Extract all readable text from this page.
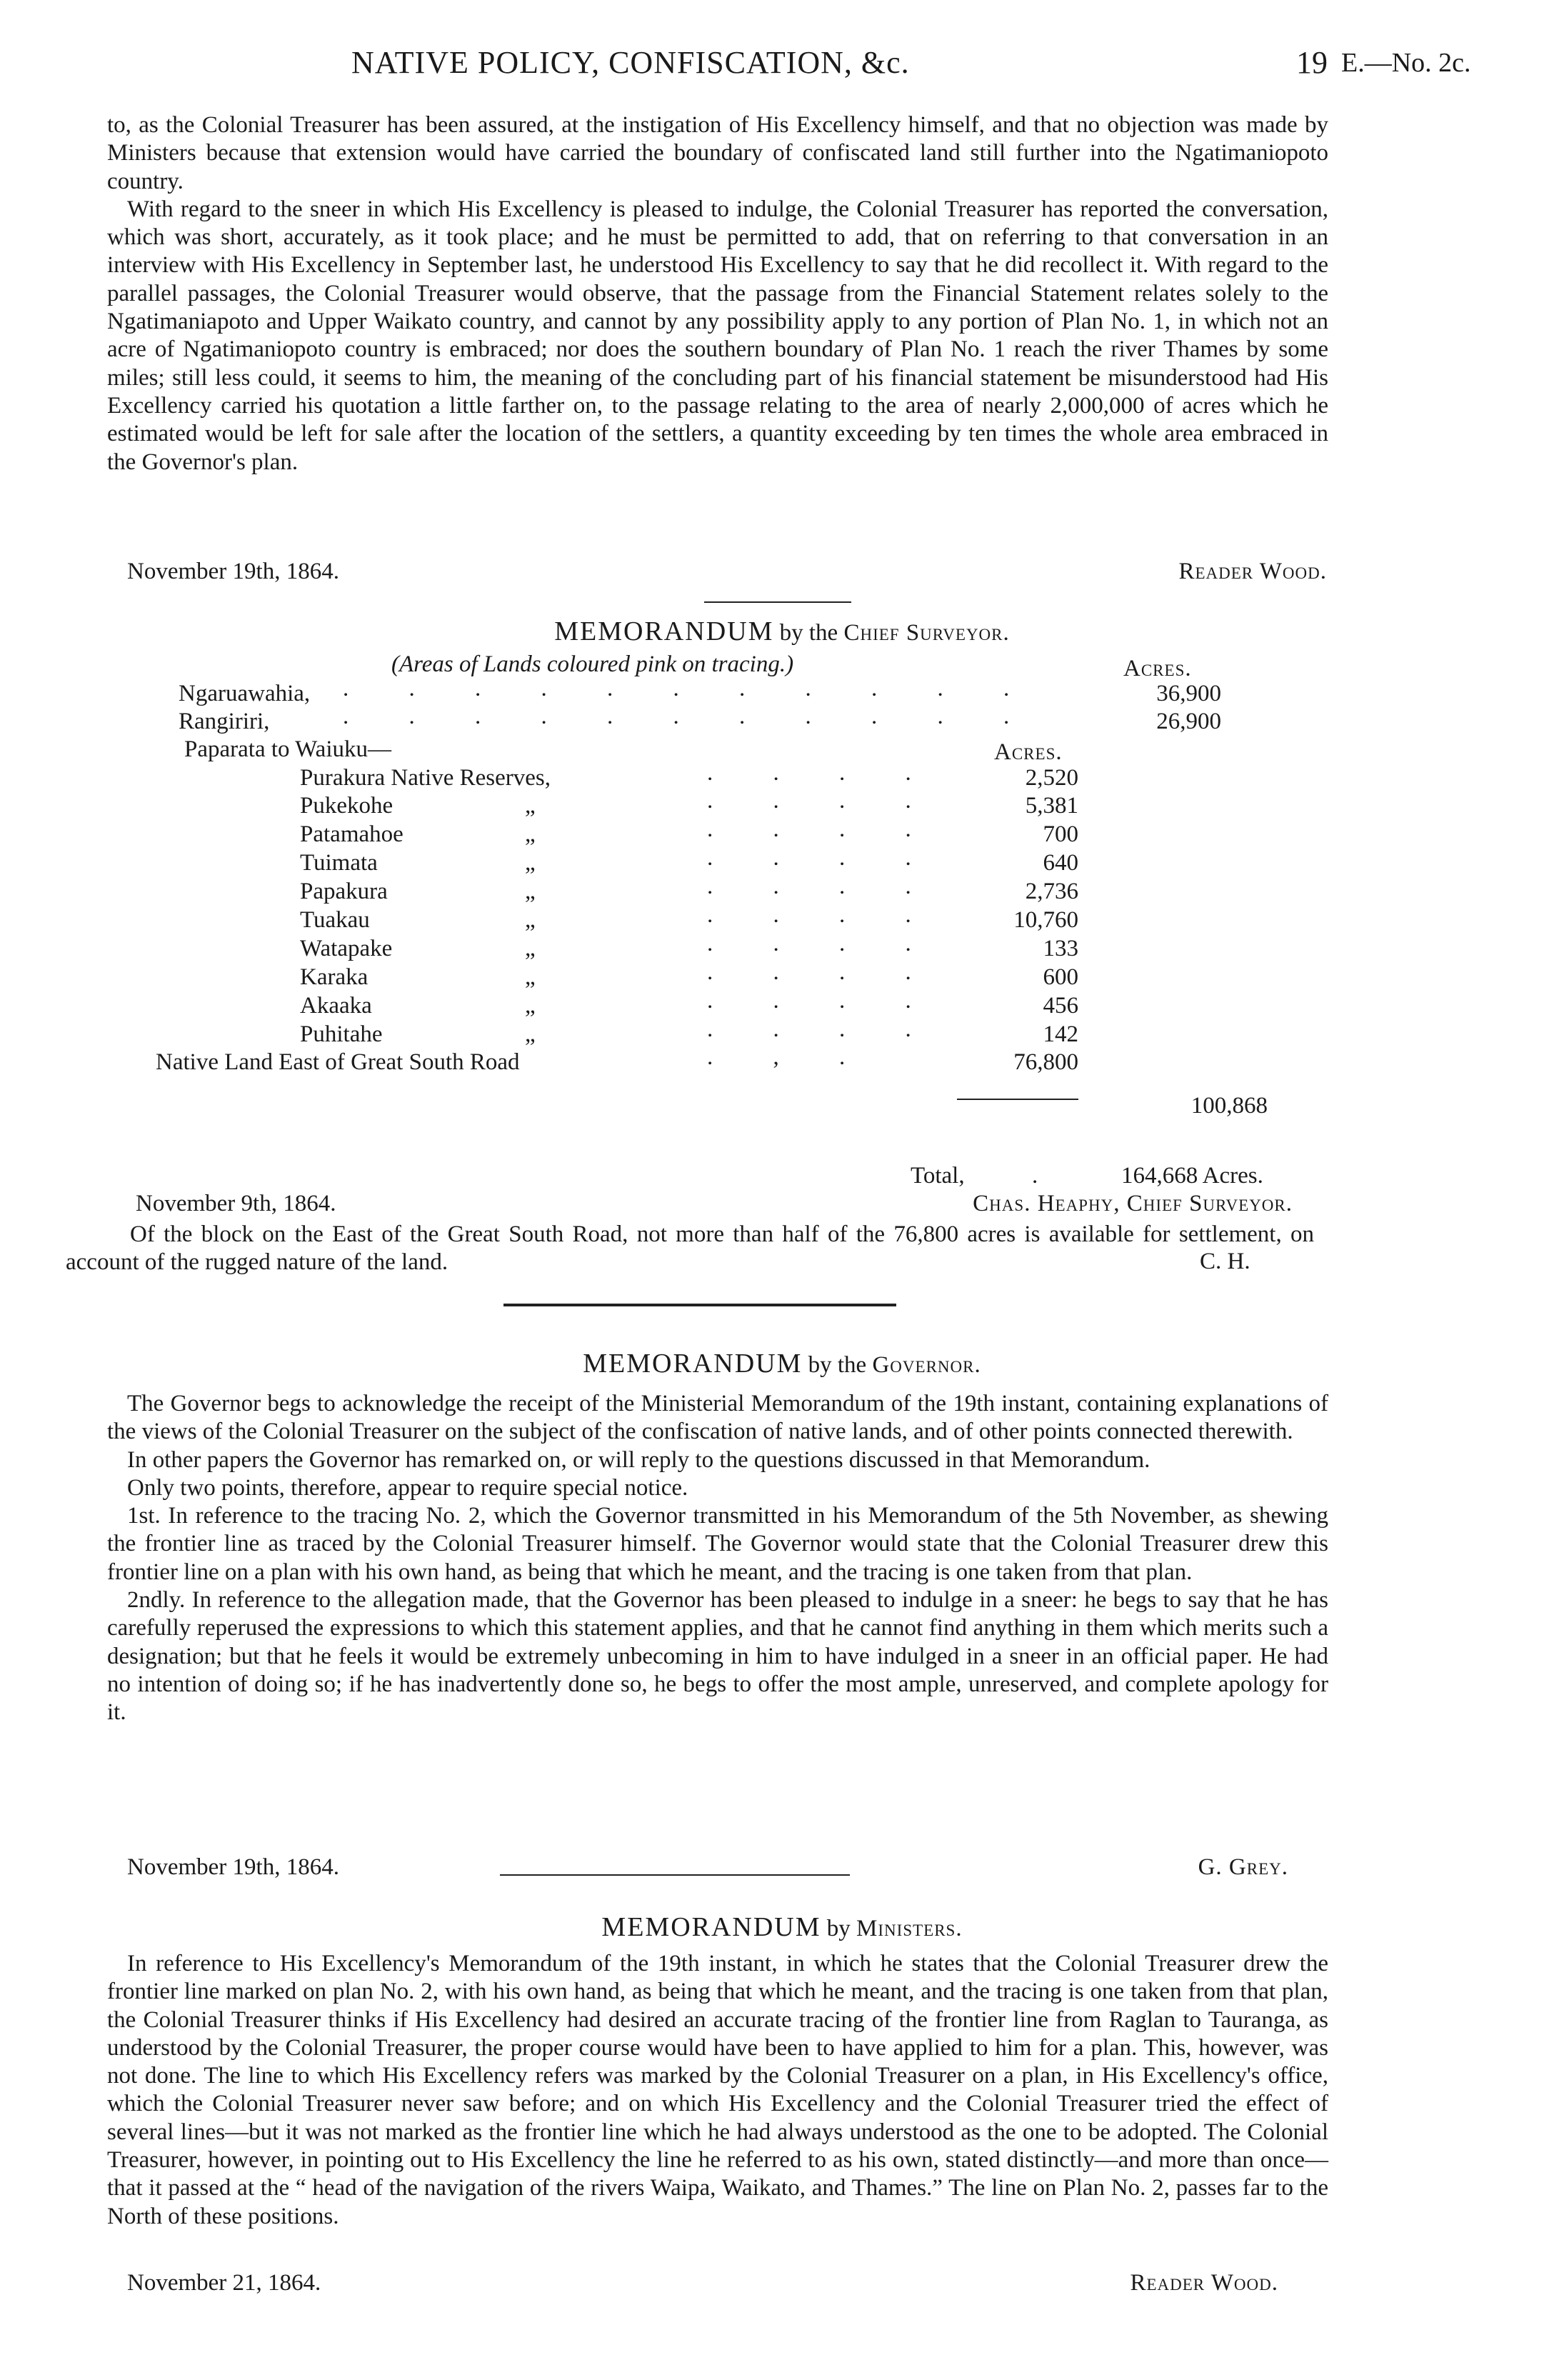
NATIVE POLICY, CONFISCATION, &c.	19 E.—No. 2c.

to, as the Colonial Treasurer has been assured, at the instigation of His Excellency himself, and that no objection was made by Ministers because that extension would have carried the boundary of confiscated land still further into the Ngatimaniopoto country.

With regard to the sneer in which His Excellency is pleased to indulge, the Colonial Treasurer has reported the conversation, which was short, accurately, as it took place; and he must be permitted to add, that on referring to that conversation in an interview with His Excellency in September last, he understood His Excellency to say that he did recollect it. With regard to the parallel passages, the Colonial Treasurer would observe, that the passage from the Financial Statement relates solely to the Ngatimaniapoto and Upper Waikato country, and cannot by any possibility apply to any portion of Plan No. 1, in which not an acre of Ngatimaniopoto country is embraced; nor does the southern boundary of Plan No. 1 reach the river Thames by some miles; still less could, it seems to him, the meaning of the concluding part of his financial statement be misunderstood had His Excellency carried his quotation a little farther on, to the passage relating to the area of nearly 2,000,000 of acres which he estimated would be left for sale after the location of the settlers, a quantity exceeding by ten times the whole area embraced in the Governor's plan.

November 19th, 1864.	Reader Wood.
MEMORANDUM by the Chief Surveyor.
(Areas of Lands coloured pink on tracing.)	Acres.
Ngaruawahia, . . . . . . . . . . .	36,900
Rangiriri,	. . . . . . . . . . .	26,900
Paparata to Waiuku—	Acres.
Purakura Native Reserves,	. . . .	2,520
Pukekohe	„	. . . .	5,381
Patamahoe	„	. . . .	700
Tuimata	„	. . . .	640
Papakura	„	. . . .	2,736
Tuakau	„	. . . .	10,760
Watapake	„	. . . .	133
Karaka	„	. . . .	600
Akaaka	„	. . . .	456
Puhitahe	„	. . . .	142
Native Land East of Great South Road	. , .	76,800
100,868
Total,	.	164,668 Acres.
November 9th, 1864.	Chas. Heaphy, Chief Surveyor.

Of the block on the East of the Great South Road, not more than half of the 76,800 acres is available for settlement, on account of the rugged nature of the land.	C. H.
MEMORANDUM by the Governor.

The Governor begs to acknowledge the receipt of the Ministerial Memorandum of the 19th instant, containing explanations of the views of the Colonial Treasurer on the subject of the confiscation of native lands, and of other points connected therewith.

In other papers the Governor has remarked on, or will reply to the questions discussed in that Memorandum.

Only two points, therefore, appear to require special notice.

1st. In reference to the tracing No. 2, which the Governor transmitted in his Memorandum of the 5th November, as shewing the frontier line as traced by the Colonial Treasurer himself. The Governor would state that the Colonial Treasurer drew this frontier line on a plan with his own hand, as being that which he meant, and the tracing is one taken from that plan.

2ndly. In reference to the allegation made, that the Governor has been pleased to indulge in a sneer: he begs to say that he has carefully reperused the expressions to which this statement applies, and that he cannot find anything in them which merits such a designation; but that he feels it would be extremely unbecoming in him to have indulged in a sneer in an official paper. He had no intention of doing so; if he has inadvertently done so, he begs to offer the most ample, unreserved, and complete apology for it.

November 19th, 1864.	G. Grey.
MEMORANDUM by Ministers.

In reference to His Excellency's Memorandum of the 19th instant, in which he states that the Colonial Treasurer drew the frontier line marked on plan No. 2, with his own hand, as being that which he meant, and the tracing is one taken from that plan, the Colonial Treasurer thinks if His Excellency had desired an accurate tracing of the frontier line from Raglan to Tauranga, as understood by the Colonial Treasurer, the proper course would have been to have applied to him for a plan. This, however, was not done. The line to which His Excellency refers was marked by the Colonial Treasurer on a plan, in His Excellency's office, which the Colonial Treasurer never saw before; and on which His Excellency and the Colonial Treasurer tried the effect of several lines—but it was not marked as the frontier line which he had always understood as the one to be adopted. The Colonial Treasurer, however, in pointing out to His Excellency the line he referred to as his own, stated distinctly—and more than once—that it passed at the “ head of the navigation of the rivers Waipa, Waikato, and Thames.” The line on Plan No. 2, passes far to the North of these positions.

November 21, 1864.	Reader Wood.
